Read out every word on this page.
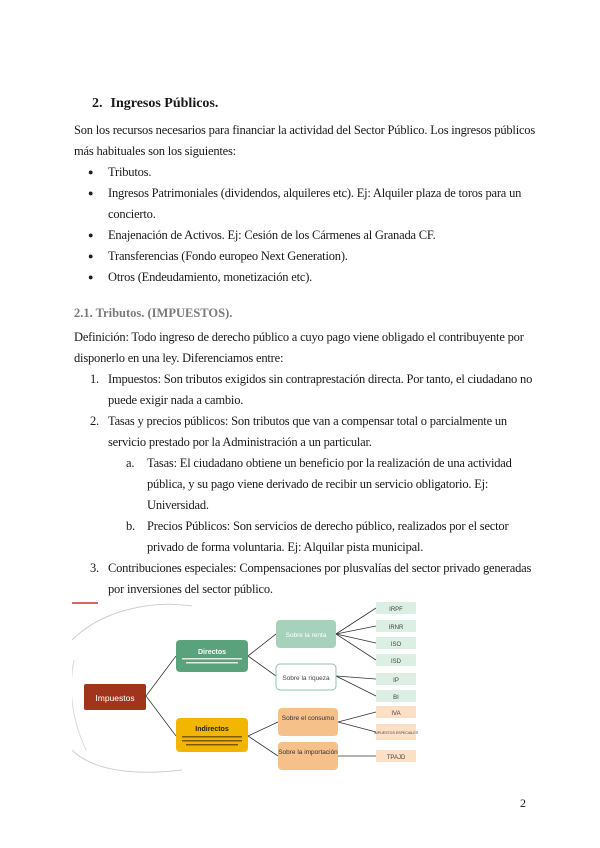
2. Ingresos Públicos.
Son los recursos necesarios para financiar la actividad del Sector Público. Los ingresos públicos más habituales son los siguientes:
● Tributos.
● Ingresos Patrimoniales (dividendos, alquileres etc). Ej: Alquiler plaza de toros para un concierto.
● Enajenación de Activos. Ej: Cesión de los Cármenes al Granada CF.
● Transferencias (Fondo europeo Next Generation).
● Otros (Endeudamiento, monetización etc).
2.1. Tributos. (IMPUESTOS).
Definición: Todo ingreso de derecho público a cuyo pago viene obligado el contribuyente por disponerlo en una ley. Diferenciamos entre:
1. Impuestos: Son tributos exigidos sin contraprestación directa. Por tanto, el ciudadano no puede exigir nada a cambio.
2. Tasas y precios públicos: Son tributos que van a compensar total o parcialmente un servicio prestado por la Administración a un particular.
a. Tasas: El ciudadano obtiene un beneficio por la realización de una actividad pública, y su pago viene derivado de recibir un servicio obligatorio. Ej: Universidad.
b. Precios Públicos: Son servicios de derecho público, realizados por el sector privado de forma voluntaria. Ej: Alquilar pista municipal.
3. Contribuciones especiales: Compensaciones por plusvalías del sector privado generadas por inversiones del sector público.
Impuestos
Directos
Indirectos
Sobre la renta
Sobre la riqueza
Sobre el consumo
Sobre la importación
IRPF
IRNR
ISO
ISD
IP
BI
IVA
IMPUESTOS ESPECIALES
TPAJD
2
